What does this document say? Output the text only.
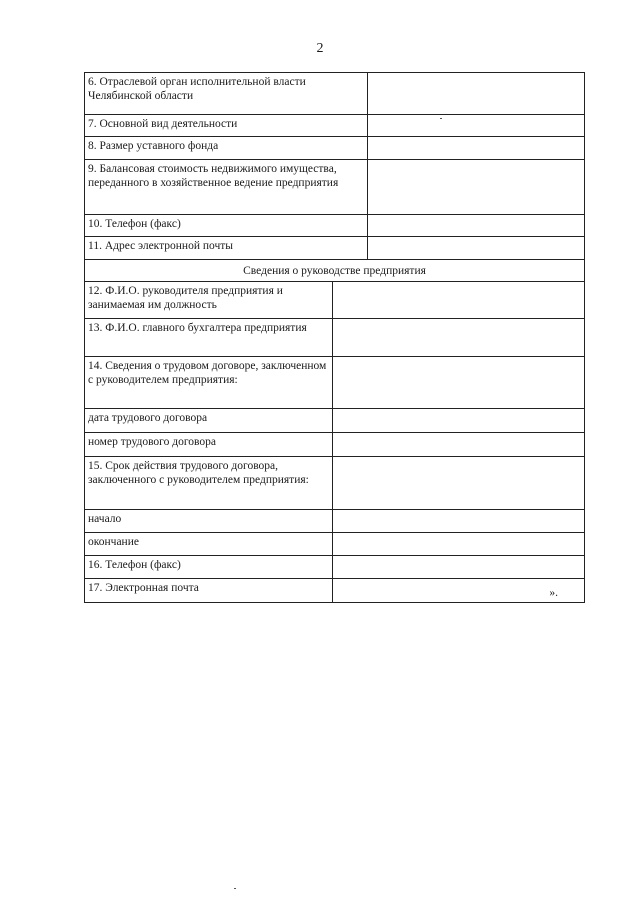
2
6. Отраслевой орган исполнительной власти Челябинской области	
7. Основной вид деятельности	
8. Размер уставного фонда	
9. Балансовая стоимость недвижимого имущества, переданного в хозяйственное ведение предприятия	
10. Телефон (факс)	
11. Адрес электронной почты	
Сведения о руководстве предприятия	
12. Ф.И.О. руководителя предприятия и занимаемая им должность	
13. Ф.И.О. главного бухгалтера предприятия	
14. Сведения о трудовом договоре, заключенном с руководителем предприятия:	
дата трудового договора	
номер трудового договора	
15. Срок действия трудового договора, заключенного с руководителем предприятия:	
начало	
окончание	
16. Телефон (факс)	
17. Электронная почта	».
